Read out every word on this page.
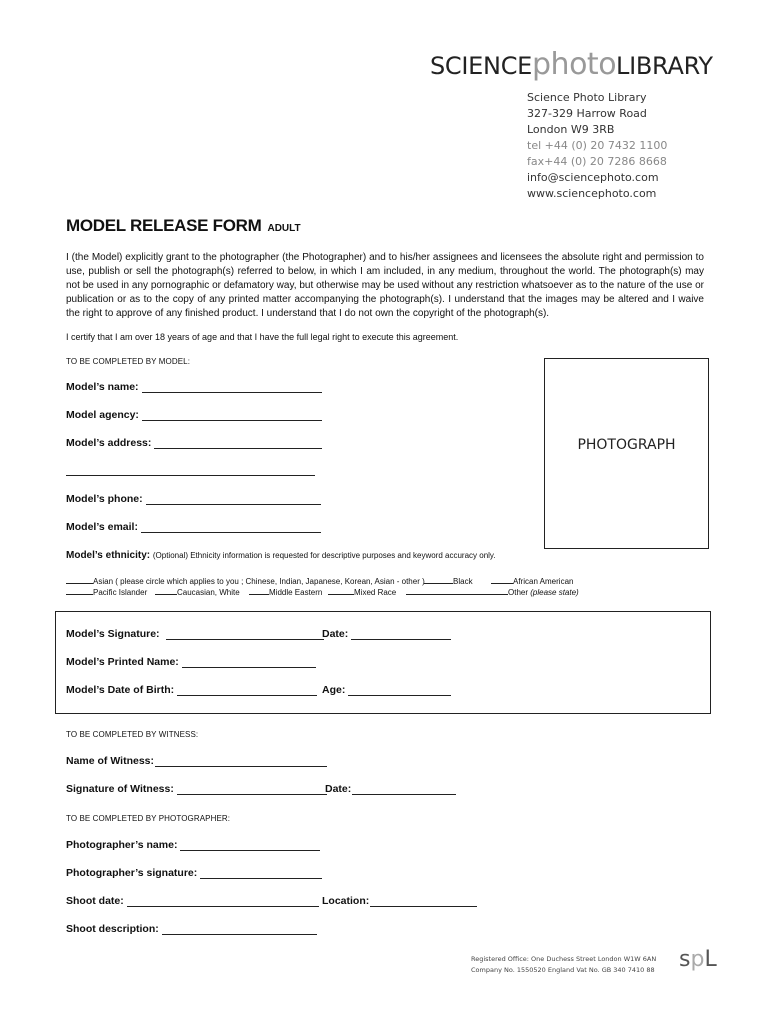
SCIENCEphotoLIBRARY
Science Photo Library
327-329 Harrow Road
London W9 3RB
tel +44 (0) 20 7432 1100
fax+44 (0) 20 7286 8668
info@sciencephoto.com
www.sciencephoto.com
MODEL RELEASE FORM ADULT

I (the Model) explicitly grant to the photographer (the Photographer) and to his/her assignees and licensees the absolute right and permission to use, publish or sell the photograph(s) referred to below, in which I am included, in any medium, throughout the world. The photograph(s) may not be used in any pornographic or defamatory way, but otherwise may be used without any restriction whatsoever as to the nature of the use or publication or as to the copy of any printed matter accompanying the photograph(s). I understand that the images may be altered and I waive the right to approve of any finished product. I understand that I do not own the copyright of the photograph(s).

I certify that I am over 18 years of age and that I have the full legal right to execute this agreement.

TO BE COMPLETED BY MODEL:
Model’s name:
Model agency:
Model’s address:
Model’s phone:
Model’s email:
PHOTOGRAPH
Model’s ethnicity: (Optional) Ethnicity information is requested for descriptive purposes and keyword accuracy only.
Asian ( please circle which applies to you ; Chinese, Indian, Japanese, Korean, Asian - other )	Black	African American
Pacific Islander	Caucasian, White	Middle Eastern	Mixed Race	Other (please state)
Model’s Signature:	Date:
Model’s Printed Name:
Model’s Date of Birth:	Age:
TO BE COMPLETED BY WITNESS:
Name of Witness:
Signature of Witness:	Date:
TO BE COMPLETED BY PHOTOGRAPHER:
Photographer’s name:
Photographer’s signature:
Shoot date:	Location:
Shoot description:
Registered Office: One Duchess Street London W1W 6AN
Company No. 1550520 England Vat No. GB 340 7410 88 spL
